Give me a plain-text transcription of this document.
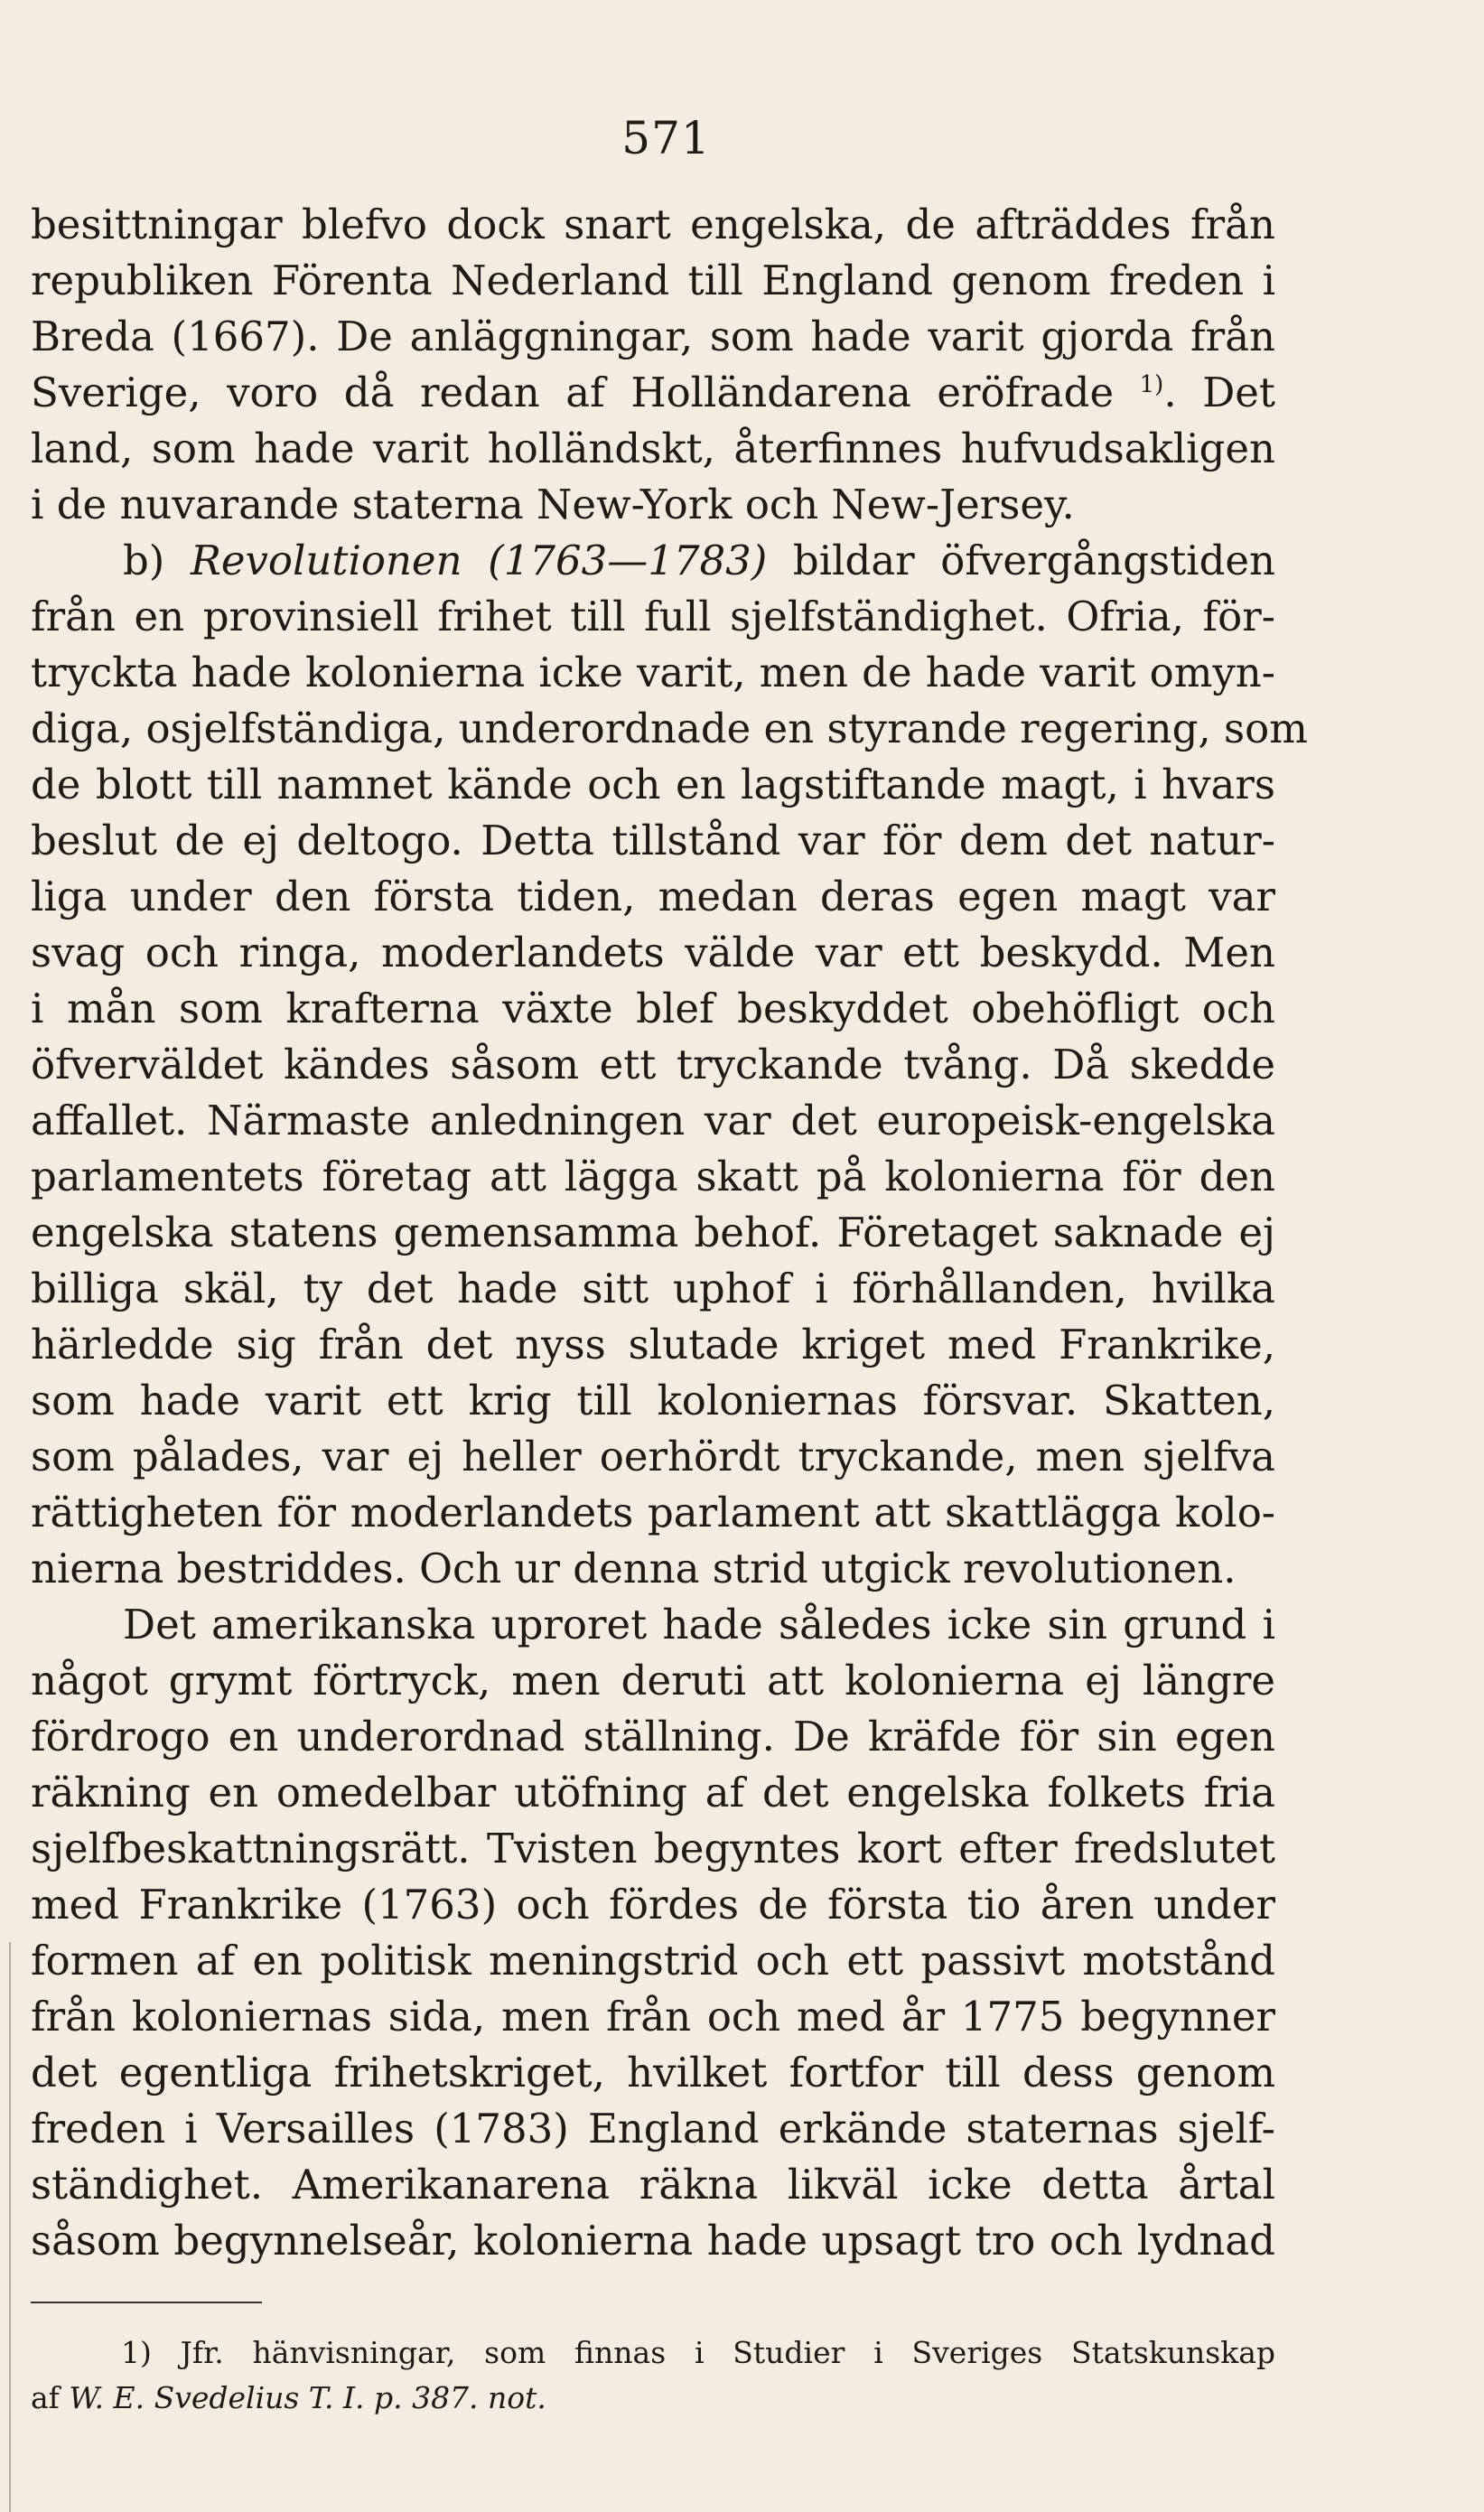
571
besittningar blefvo dock snart engelska, de afträddes från
republiken Förenta Nederland till England genom freden i
Breda (1667). De anläggningar, som hade varit gjorda från
Sverige, voro då redan af Holländarena eröfrade $^{1)}$. Det
land, som hade varit holländskt, återfinnes hufvudsakligen
i de nuvarande staterna New-York och New-Jersey.
b) Revolutionen (1763—1783) bildar öfvergångstiden
från en provinsiell frihet till full sjelfständighet. Ofria, för-
tryckta hade kolonierna icke varit, men de hade varit omyn-
diga, osjelfständiga, underordnade en styrande regering, som
de blott till namnet kände och en lagstiftande magt, i hvars
beslut de ej deltogo. Detta tillstånd var för dem det natur-
liga under den första tiden, medan deras egen magt var
svag och ringa, moderlandets välde var ett beskydd. Men
i mån som krafterna växte blef beskyddet obehöfligt och
öfverväldet kändes såsom ett tryckande tvång. Då skedde
affallet. Närmaste anledningen var det europeisk-engelska
parlamentets företag att lägga skatt på kolonierna för den
engelska statens gemensamma behof. Företaget saknade ej
billiga skäl, ty det hade sitt uphof i förhållanden, hvilka
härledde sig från det nyss slutade kriget med Frankrike,
som hade varit ett krig till koloniernas försvar. Skatten,
som pålades, var ej heller oerhördt tryckande, men sjelfva
rättigheten för moderlandets parlament att skattlägga kolo-
nierna bestriddes. Och ur denna strid utgick revolutionen.
Det amerikanska uproret hade således icke sin grund i
något grymt förtryck, men deruti att kolonierna ej längre
fördrogo en underordnad ställning. De kräfde för sin egen
räkning en omedelbar utöfning af det engelska folkets fria
sjelfbeskattningsrätt. Tvisten begyntes kort efter fredslutet
med Frankrike (1763) och fördes de första tio åren under
formen af en politisk meningstrid och ett passivt motstånd
från koloniernas sida, men från och med år 1775 begynner
det egentliga frihetskriget, hvilket fortfor till dess genom
freden i Versailles (1783) England erkände staternas sjelf-
ständighet. Amerikanarena räkna likväl icke detta årtal
såsom begynnelseår, kolonierna hade upsagt tro och lydnad
1) Jfr. hänvisningar, som finnas i Studier i Sveriges Statskunskap
af W. E. Svedelius T. I. p. 387. not.
